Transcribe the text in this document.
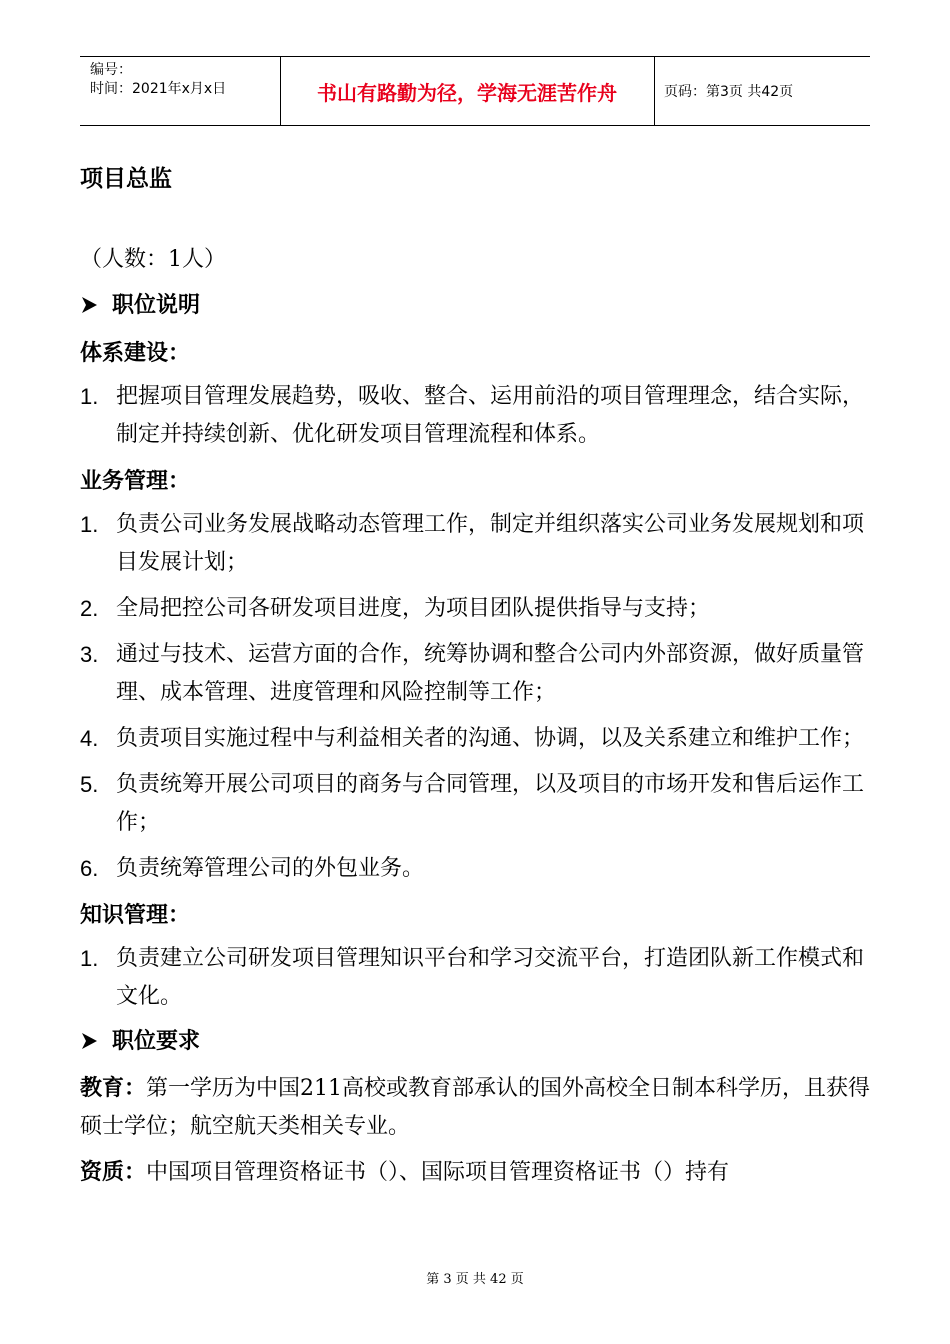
编号：
时间：2021年x月x日	书山有路勤为径，学海无涯苦作舟	页码：第3页 共42页
项目总监
（人数：1人）
职位说明
体系建设：
1. 把握项目管理发展趋势，吸收、整合、运用前沿的项目管理理念，结合实际，制定并持续创新、优化研发项目管理流程和体系。
业务管理：
1. 负责公司业务发展战略动态管理工作，制定并组织落实公司业务发展规划和项目发展计划；
2. 全局把控公司各研发项目进度，为项目团队提供指导与支持；
3. 通过与技术、运营方面的合作，统筹协调和整合公司内外部资源，做好质量管理、成本管理、进度管理和风险控制等工作；
4. 负责项目实施过程中与利益相关者的沟通、协调，以及关系建立和维护工作；
5. 负责统筹开展公司项目的商务与合同管理，以及项目的市场开发和售后运作工作；
6. 负责统筹管理公司的外包业务。
知识管理：
1. 负责建立公司研发项目管理知识平台和学习交流平台，打造团队新工作模式和文化。
职位要求
教育：第一学历为中国211高校或教育部承认的国外高校全日制本科学历，且获得硕士学位；航空航天类相关专业。
资质：中国项目管理资格证书（）、国际项目管理资格证书（）持有
第 3 页 共 42 页
